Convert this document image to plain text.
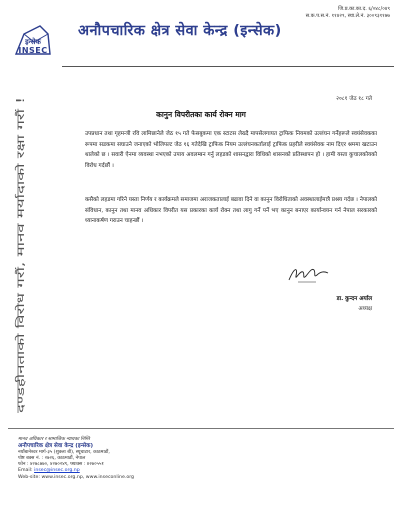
इन्सेक
INSEC
अनौपचारिक क्षेत्र सेवा केन्द्र (इन्सेक)
जि.प्र.का.का.द. ६/०४८/०४९
स.क.प.स.नं. ११४२९, स्था.ले.नं. ३००९३११७७
दण्डहीनताको विरोध गरौं, मानव मर्यादाको रक्षा गरौं !
२०८१ जेठ १८ गते
कानुन विपरीतका कार्य रोक्न माग
उपप्रधान तथा गृहमन्त्री रवि लामिछानेले जेठ १५ गते फेसबुकमा एक स्टाटस लेख्दै मापसेलगायत ट्राफिक नियमको उल्लंघन गर्नेहरूले स्वयंसेवकका रूपमा सडकमा सघाउने जनाएको भोलिपल्ट जेठ १६ गतेदेखि ट्राफिक नियम उल्लंघनकर्तालाई ट्राफिक प्रहरीले स्वयंसेवक नाम दिएर श्रममा खटाउन थालेको छ । सवारी ऐनमा व्यवस्था नभएको उपाय अवलम्बन गर्नु लहडको शासनद्वारा विधिको शासनको प्रतिस्थापन हो । हामी यस्ता कुचालकोयको विरोध गर्दछौं ।
कसैको लहडमा गरिने यस्ता निर्णय र कार्यक्रमले समाजमा अराजकतालाई बढावा दिने वा कानुन विरोधिताको अवस्थालाईमात्रै प्रश्रय गर्दछ । नेपालको संविधान, कानुन तथा मानव अधिकार विपरीत यस प्रकारका कार्य रोक्न तथा लागु गर्ने पर्ने भए कानुन बनाएर कार्यान्वयन गर्न नेपाल सरकारको ध्यानाकर्षण गराउन चाहन्छौं ।
डा. कुन्दन अर्याल
अध्यक्ष
मानव अधिकार र सामाजिक न्यायका निम्ति
अनौपचारिक क्षेत्र सेवा केन्द्र (इन्सेक)
नयाँबानेश्वर मार्ग-३५ (शुक्ला बी), स्यूचाटार, काठमाडौं,
पोष्ट बक्स नं. : २७२६, काठमाडौं, नेपाल
फोन : ४२७८७७०, ४२७०२४९, फ्याक्स : ४२७०५५१
Email: insec@insec.org.np
Web-site: www.insec.org.np, www.inseconline.org
